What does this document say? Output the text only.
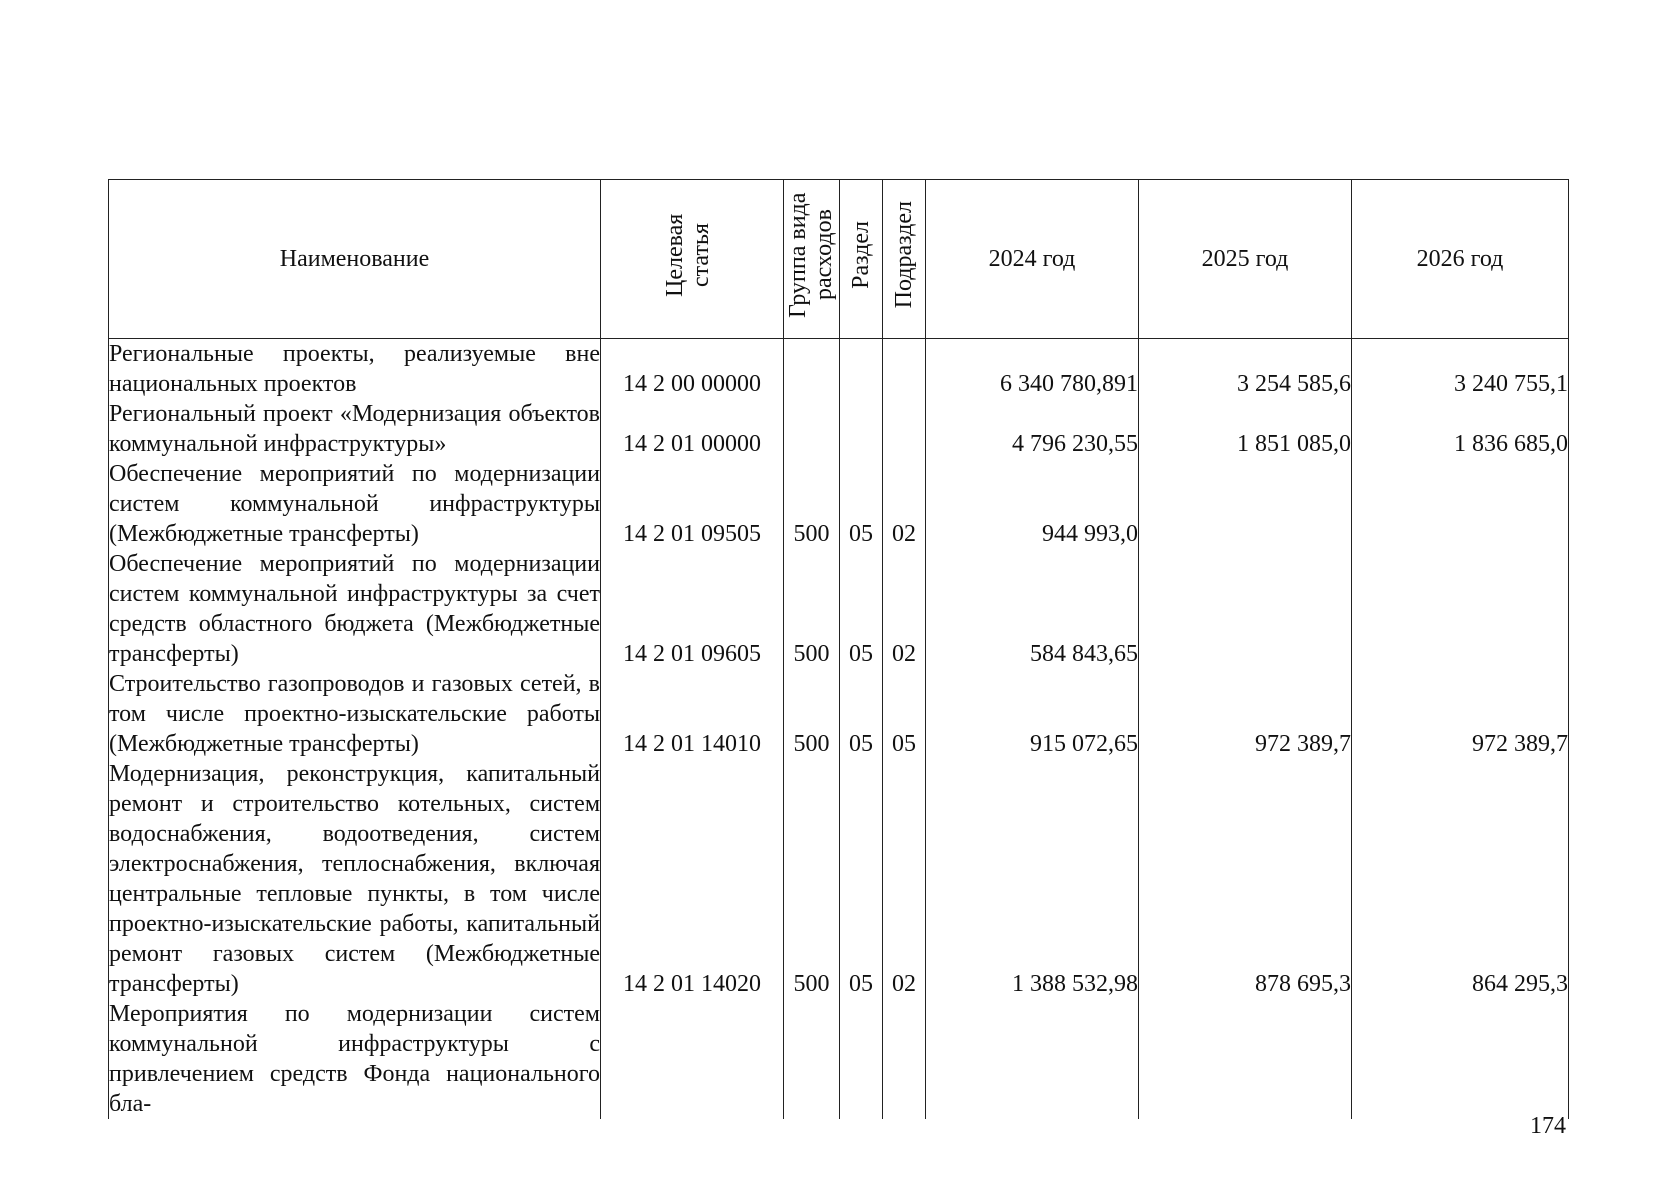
Наименование	Целевая статья	Группа вида расходов	Раздел	Подраздел	2024 год	2025 год	2026 год
Региональные проекты, реализуемые вне национальных проектов	14 2 00 00000				6 340 780,891	3 254 585,6	3 240 755,1
Региональный проект «Модернизация объектов коммунальной инфраструктуры»	14 2 01 00000				4 796 230,55	1 851 085,0	1 836 685,0
Обеспечение мероприятий по модернизации систем коммунальной инфраструктуры (Межбюджетные трансферты)	14 2 01 09505	500	05	02	944 993,0		
Обеспечение мероприятий по модернизации систем коммунальной инфраструктуры за счет средств областного бюджета (Межбюджетные трансферты)	14 2 01 09605	500	05	02	584 843,65		
Строительство газопроводов и газовых сетей, в том числе проектно-изыскательские работы (Межбюджетные трансферты)	14 2 01 14010	500	05	05	915 072,65	972 389,7	972 389,7
Модернизация, реконструкция, капитальный ремонт и строительство котельных, систем водоснабжения, водоотведения, систем электроснабжения, теплоснабжения, включая центральные тепловые пункты, в том числе проектно-изыскательские работы, капитальный ремонт газовых систем (Межбюджетные трансферты)	14 2 01 14020	500	05	02	1 388 532,98	878 695,3	864 295,3
Мероприятия по модернизации систем коммунальной инфраструктуры с привлечением средств Фонда национального бла-							
174
